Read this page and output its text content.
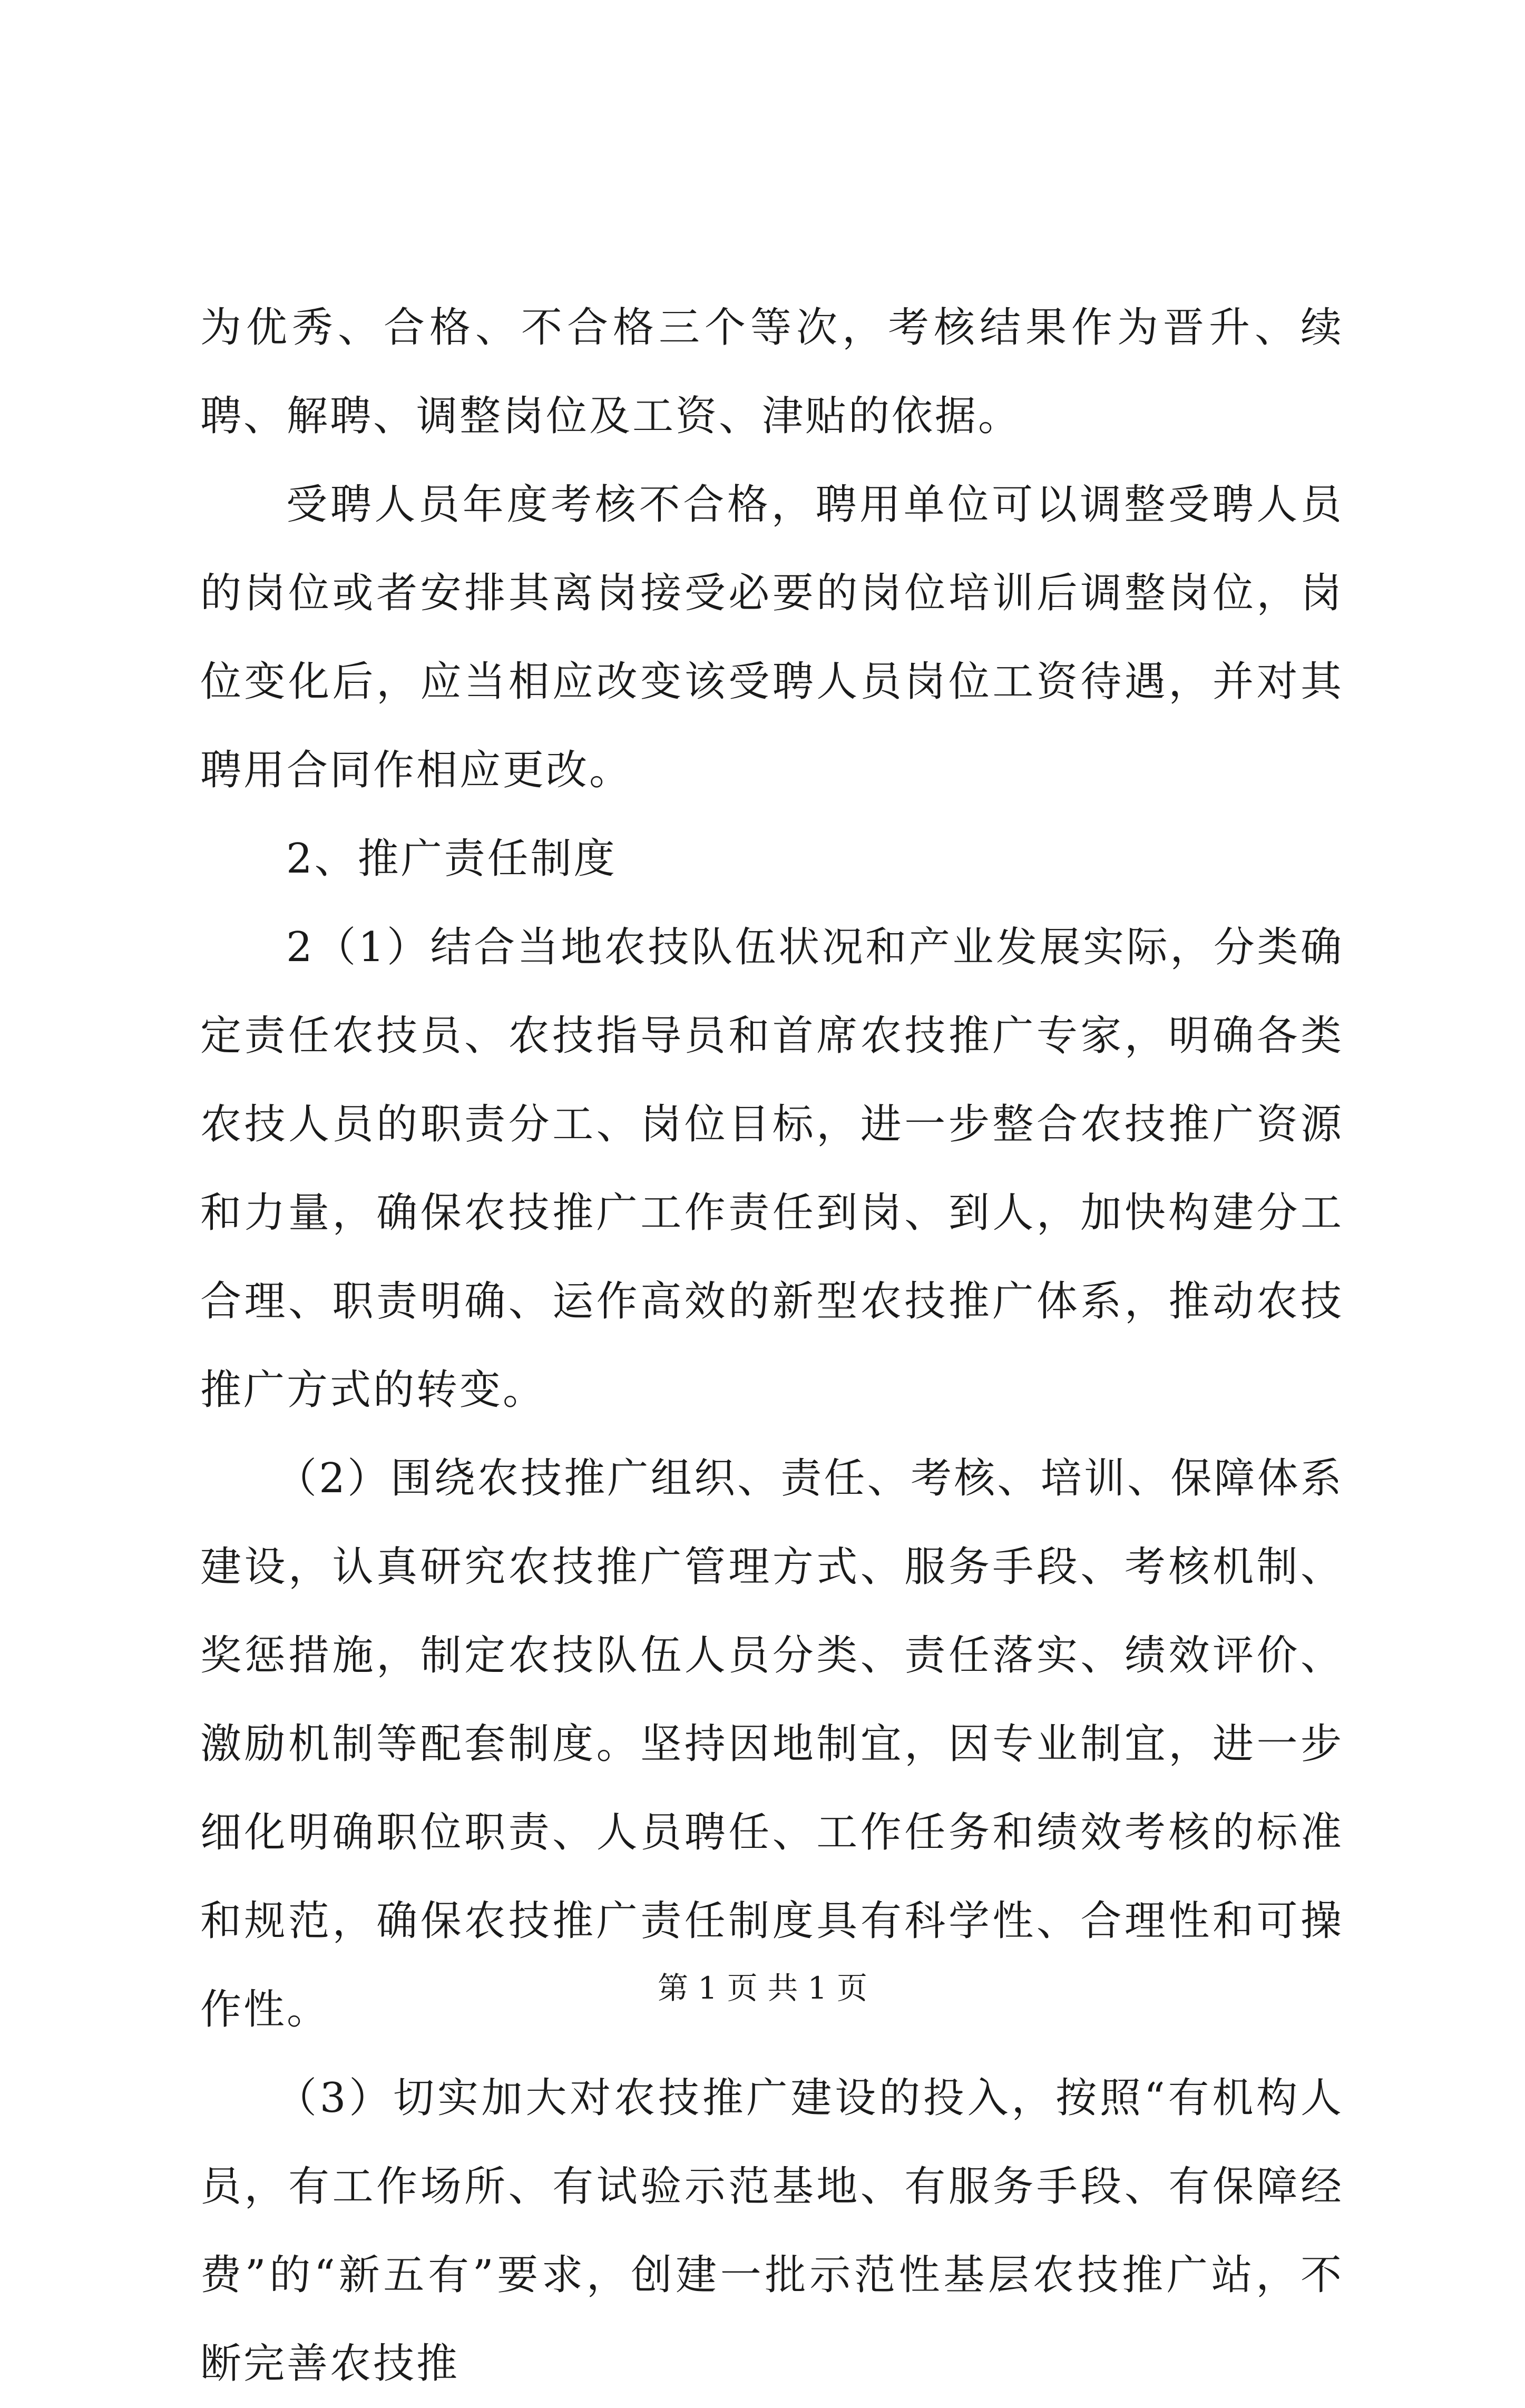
为优秀、合格、不合格三个等次，考核结果作为晋升、续聘、解聘、调整岗位及工资、津贴的依据。

受聘人员年度考核不合格，聘用单位可以调整受聘人员的岗位或者安排其离岗接受必要的岗位培训后调整岗位，岗位变化后，应当相应改变该受聘人员岗位工资待遇，并对其聘用合同作相应更改。

2、推广责任制度

2（1）结合当地农技队伍状况和产业发展实际，分类确定责任农技员、农技指导员和首席农技推广专家，明确各类农技人员的职责分工、岗位目标，进一步整合农技推广资源和力量，确保农技推广工作责任到岗、到人，加快构建分工合理、职责明确、运作高效的新型农技推广体系，推动农技推广方式的转变。

（2）围绕农技推广组织、责任、考核、培训、保障体系建设，认真研究农技推广管理方式、服务手段、考核机制、奖惩措施，制定农技队伍人员分类、责任落实、绩效评价、激励机制等配套制度。坚持因地制宜，因专业制宜，进一步细化明确职位职责、人员聘任、工作任务和绩效考核的标准和规范，确保农技推广责任制度具有科学性、合理性和可操作性。

（3）切实加大对农技推广建设的投入，按照“有机构人员，有工作场所、有试验示范基地、有服务手段、有保障经费”的“新五有”要求，创建一批示范性基层农技推广站，不断完善农技推

第 1 页 共 1 页
